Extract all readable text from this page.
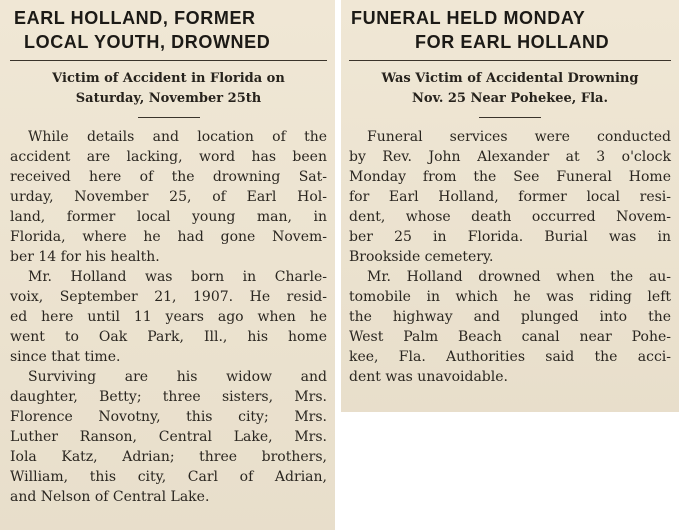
EARL HOLLAND, FORMER
LOCAL YOUTH, DROWNED
Victim of Accident in Florida on
Saturday, November 25th

While details and location of the
accident are lacking, word has been
received here of the drowning Sat-
urday, November 25, of Earl Hol-
land, former local young man, in
Florida, where he had gone Novem-
ber 14 for his health.

Mr. Holland was born in Charle-
voix, September 21, 1907. He resid-
ed here until 11 years ago when he
went to Oak Park, Ill., his home
since that time.

Surviving are his widow and
daughter, Betty; three sisters, Mrs.
Florence Novotny, this city; Mrs.
Luther Ranson, Central Lake, Mrs.
Iola Katz, Adrian; three brothers,
William, this city, Carl of Adrian,
and Nelson of Central Lake.

FUNERAL HELD MONDAY
FOR EARL HOLLAND
Was Victim of Accidental Drowning
Nov. 25 Near Pohekee, Fla.

Funeral services were conducted
by Rev. John Alexander at 3 o'clock
Monday from the See Funeral Home
for Earl Holland, former local resi-
dent, whose death occurred Novem-
ber 25 in Florida. Burial was in
Brookside cemetery.

Mr. Holland drowned when the au-
tomobile in which he was riding left
the highway and plunged into the
West Palm Beach canal near Pohe-
kee, Fla. Authorities said the acci-
dent was unavoidable.
